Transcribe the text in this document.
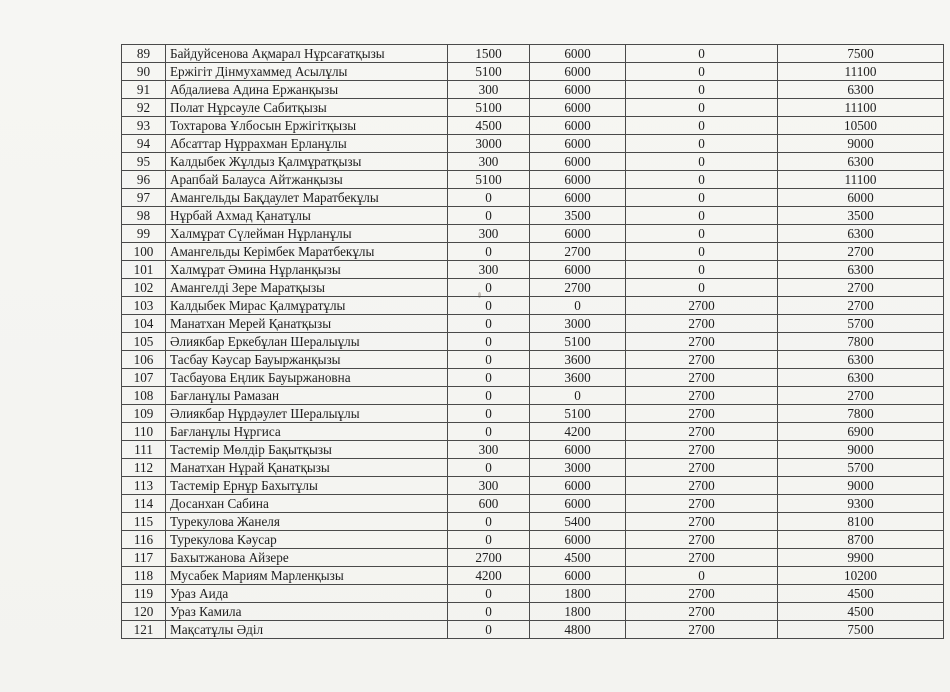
89	Байдуйсенова Ақмарал Нұрсағатқызы	1500	6000	0	7500
90	Ержігіт Дінмухаммед Асылұлы	5100	6000	0	11100
91	Абдалиева Адина Ержанқызы	300	6000	0	6300
92	Полат Нұрсәуле Сабитқызы	5100	6000	0	11100
93	Тохтарова Ұлбосын Ержігітқызы	4500	6000	0	10500
94	Абсаттар Нұррахман Ерланұлы	3000	6000	0	9000
95	Калдыбек Жұлдыз Қалмұратқызы	300	6000	0	6300
96	Арапбай Балауса Айтжанқызы	5100	6000	0	11100
97	Амангельды Бақдаулет Маратбекұлы	0	6000	0	6000
98	Нұрбай Ахмад Қанатұлы	0	3500	0	3500
99	Халмұрат Сүлейман Нұрланұлы	300	6000	0	6300
100	Амангельды Керімбек Маратбекұлы	0	2700	0	2700
101	Халмұрат Әмина Нұрланқызы	300	6000	0	6300
102	Амангелді Зере Маратқызы	0	2700	0	2700
103	Калдыбек Мирас Қалмұратұлы	0	0	2700	2700
104	Манатхан Мерей Қанатқызы	0	3000	2700	5700
105	Әлиякбар Еркебұлан Шералыұлы	0	5100	2700	7800
106	Тасбау Кәусар Бауыржанқызы	0	3600	2700	6300
107	Тасбауова Еңлик Бауыржановна	0	3600	2700	6300
108	Бағланұлы Рамазан	0	0	2700	2700
109	Әлиякбар Нұрдәулет Шералыұлы	0	5100	2700	7800
110	Бағланұлы Нұргиса	0	4200	2700	6900
111	Тастемір Мөлдір Бақытқызы	300	6000	2700	9000
112	Манатхан Нұрай Қанатқызы	0	3000	2700	5700
113	Тастемір Ернұр Бахытұлы	300	6000	2700	9000
114	Досанхан Сабина	600	6000	2700	9300
115	Турекулова Жанеля	0	5400	2700	8100
116	Турекулова Кәусар	0	6000	2700	8700
117	Бахытжанова Айзере	2700	4500	2700	9900
118	Мусабек Мариям Марленқызы	4200	6000	0	10200
119	Ураз Аида	0	1800	2700	4500
120	Ураз Камила	0	1800	2700	4500
121	Мақсатұлы Әділ	0	4800	2700	7500
